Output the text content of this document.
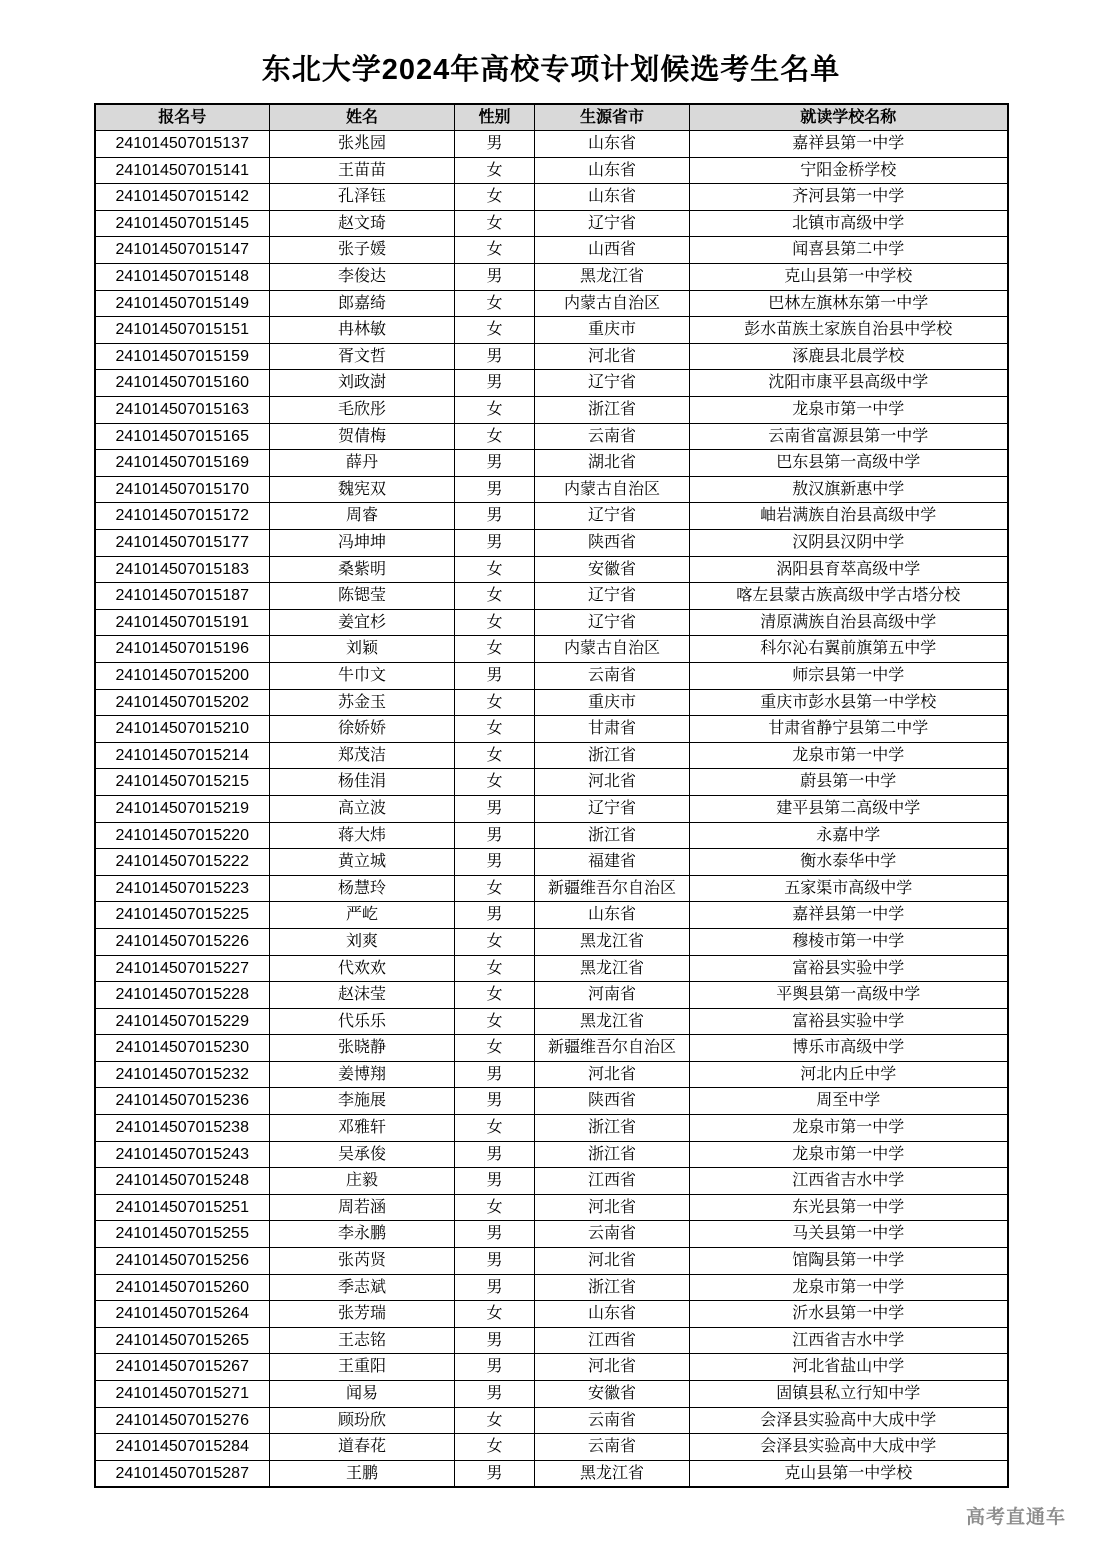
东北大学2024年高校专项计划候选考生名单
报名号	姓名	性别	生源省市	就读学校名称
241014507015137	张兆园	男	山东省	嘉祥县第一中学
241014507015141	王苗苗	女	山东省	宁阳金桥学校
241014507015142	孔泽钰	女	山东省	齐河县第一中学
241014507015145	赵文琦	女	辽宁省	北镇市高级中学
241014507015147	张子媛	女	山西省	闻喜县第二中学
241014507015148	李俊达	男	黑龙江省	克山县第一中学校
241014507015149	郎嘉绮	女	内蒙古自治区	巴林左旗林东第一中学
241014507015151	冉林敏	女	重庆市	彭水苗族土家族自治县中学校
241014507015159	胥文哲	男	河北省	涿鹿县北晨学校
241014507015160	刘政澍	男	辽宁省	沈阳市康平县高级中学
241014507015163	毛欣彤	女	浙江省	龙泉市第一中学
241014507015165	贺倩梅	女	云南省	云南省富源县第一中学
241014507015169	薛丹	男	湖北省	巴东县第一高级中学
241014507015170	魏宪双	男	内蒙古自治区	敖汉旗新惠中学
241014507015172	周睿	男	辽宁省	岫岩满族自治县高级中学
241014507015177	冯坤坤	男	陕西省	汉阴县汉阴中学
241014507015183	桑紫明	女	安徽省	涡阳县育萃高级中学
241014507015187	陈锶莹	女	辽宁省	喀左县蒙古族高级中学古塔分校
241014507015191	姜宜杉	女	辽宁省	清原满族自治县高级中学
241014507015196	刘颖	女	内蒙古自治区	科尔沁右翼前旗第五中学
241014507015200	牛巾文	男	云南省	师宗县第一中学
241014507015202	苏金玉	女	重庆市	重庆市彭水县第一中学校
241014507015210	徐娇娇	女	甘肃省	甘肃省静宁县第二中学
241014507015214	郑茂洁	女	浙江省	龙泉市第一中学
241014507015215	杨佳涓	女	河北省	蔚县第一中学
241014507015219	高立波	男	辽宁省	建平县第二高级中学
241014507015220	蒋大炜	男	浙江省	永嘉中学
241014507015222	黄立城	男	福建省	衡水泰华中学
241014507015223	杨慧玲	女	新疆维吾尔自治区	五家渠市高级中学
241014507015225	严屹	男	山东省	嘉祥县第一中学
241014507015226	刘爽	女	黑龙江省	穆棱市第一中学
241014507015227	代欢欢	女	黑龙江省	富裕县实验中学
241014507015228	赵沫莹	女	河南省	平舆县第一高级中学
241014507015229	代乐乐	女	黑龙江省	富裕县实验中学
241014507015230	张晓静	女	新疆维吾尔自治区	博乐市高级中学
241014507015232	姜博翔	男	河北省	河北内丘中学
241014507015236	李施展	男	陕西省	周至中学
241014507015238	邓雅轩	女	浙江省	龙泉市第一中学
241014507015243	吴承俊	男	浙江省	龙泉市第一中学
241014507015248	庄毅	男	江西省	江西省吉水中学
241014507015251	周若涵	女	河北省	东光县第一中学
241014507015255	李永鹏	男	云南省	马关县第一中学
241014507015256	张芮贤	男	河北省	馆陶县第一中学
241014507015260	季志斌	男	浙江省	龙泉市第一中学
241014507015264	张芳瑞	女	山东省	沂水县第一中学
241014507015265	王志铭	男	江西省	江西省吉水中学
241014507015267	王重阳	男	河北省	河北省盐山中学
241014507015271	闻易	男	安徽省	固镇县私立行知中学
241014507015276	顾玢欣	女	云南省	会泽县实验高中大成中学
241014507015284	道春花	女	云南省	会泽县实验高中大成中学
241014507015287	王鹏	男	黑龙江省	克山县第一中学校
高考直通车
